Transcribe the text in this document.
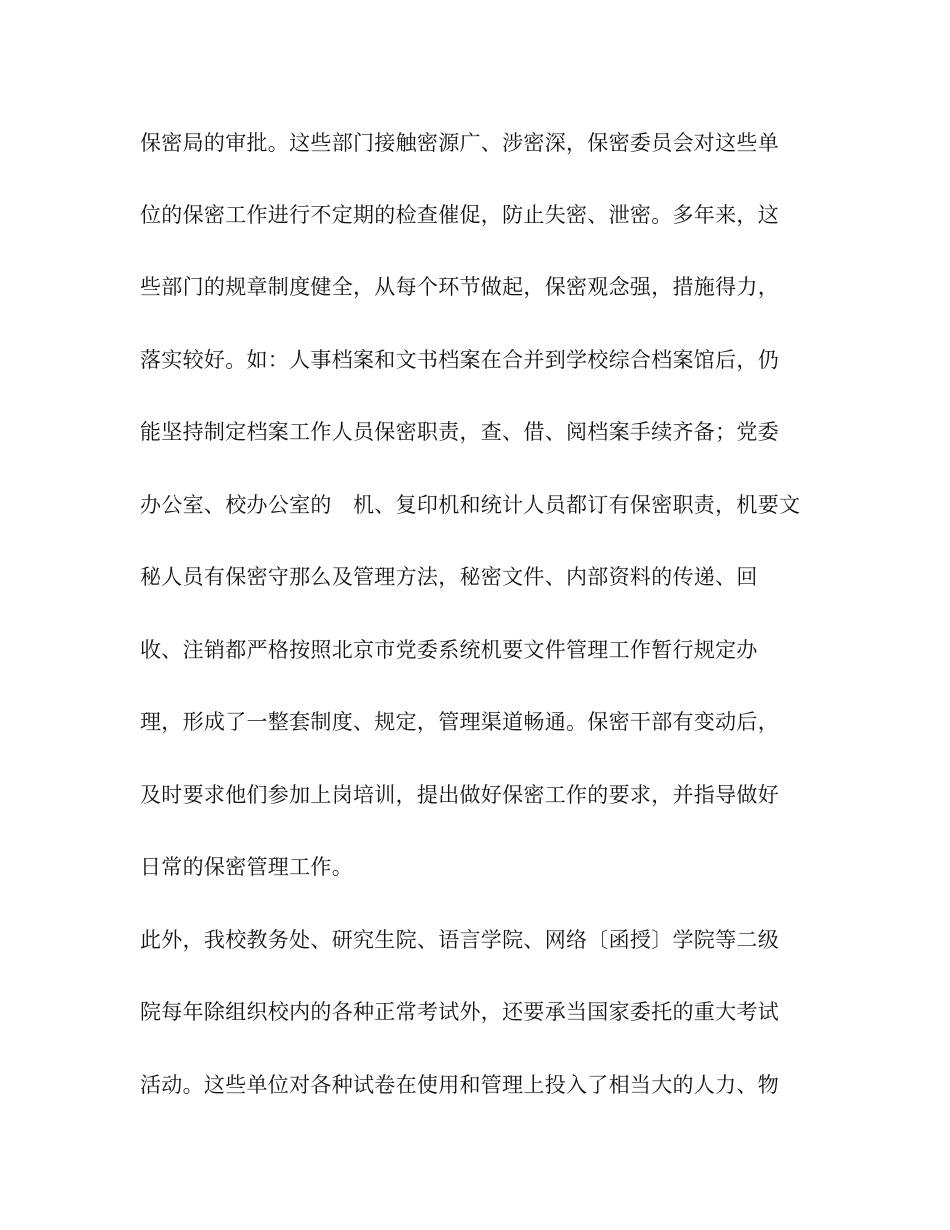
保密局的审批。这些部门接触密源广、涉密深，保密委员会对这些单
位的保密工作进行不定期的检查催促，防止失密、泄密。多年来，这
些部门的规章制度健全，从每个环节做起，保密观念强，措施得力，
落实较好。如：人事档案和文书档案在合并到学校综合档案馆后，仍
能坚持制定档案工作人员保密职责，查、借、阅档案手续齐备；党委
办公室、校办公室的　机、复印机和统计人员都订有保密职责，机要文
秘人员有保密守那么及管理方法，秘密文件、内部资料的传递、回
收、注销都严格按照北京市党委系统机要文件管理工作暂行规定办
理，形成了一整套制度、规定，管理渠道畅通。保密干部有变动后，
及时要求他们参加上岗培训，提出做好保密工作的要求，并指导做好
日常的保密管理工作。
此外，我校教务处、研究生院、语言学院、网络〔函授〕学院等二级
院每年除组织校内的各种正常考试外，还要承当国家委托的重大考试
活动。这些单位对各种试卷在使用和管理上投入了相当大的人力、物
